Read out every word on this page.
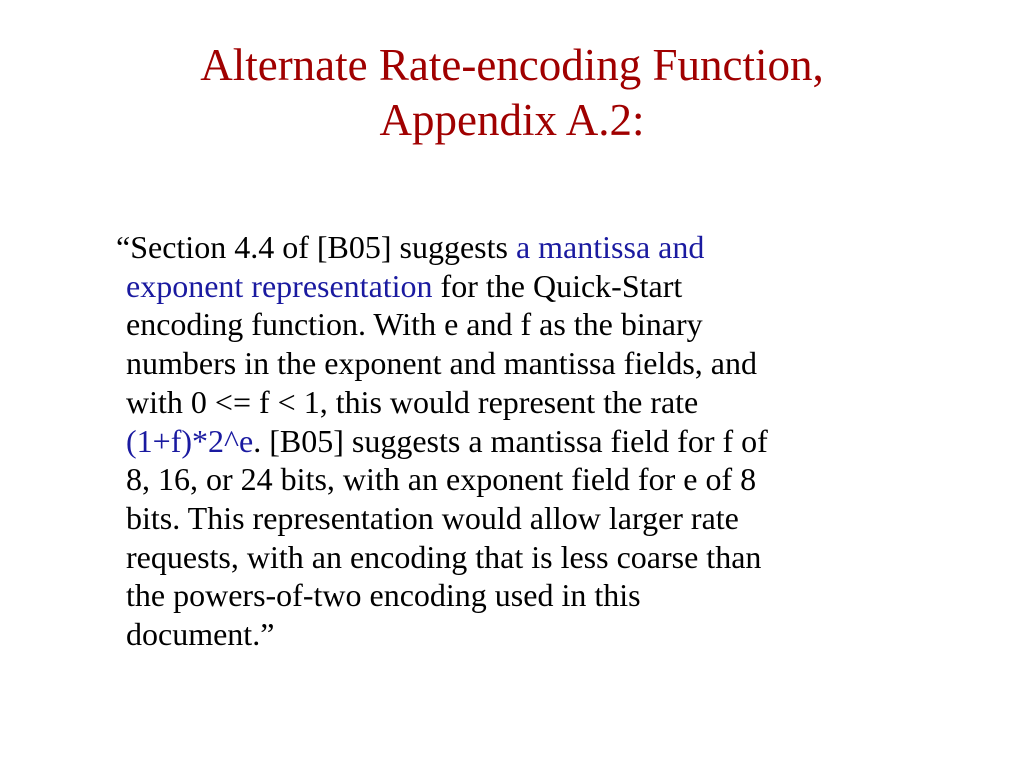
Alternate Rate-encoding Function,
Appendix A.2:

“Section 4.4 of [B05] suggests a mantissa and
exponent representation for the Quick-Start
encoding function. With e and f as the binary
numbers in the exponent and mantissa fields, and
with 0 <= f < 1, this would represent the rate
(1+f)*2^e. [B05] suggests a mantissa field for f of
8, 16, or 24 bits, with an exponent field for e of 8
bits. This representation would allow larger rate
requests, with an encoding that is less coarse than
the powers-of-two encoding used in this
document.”
